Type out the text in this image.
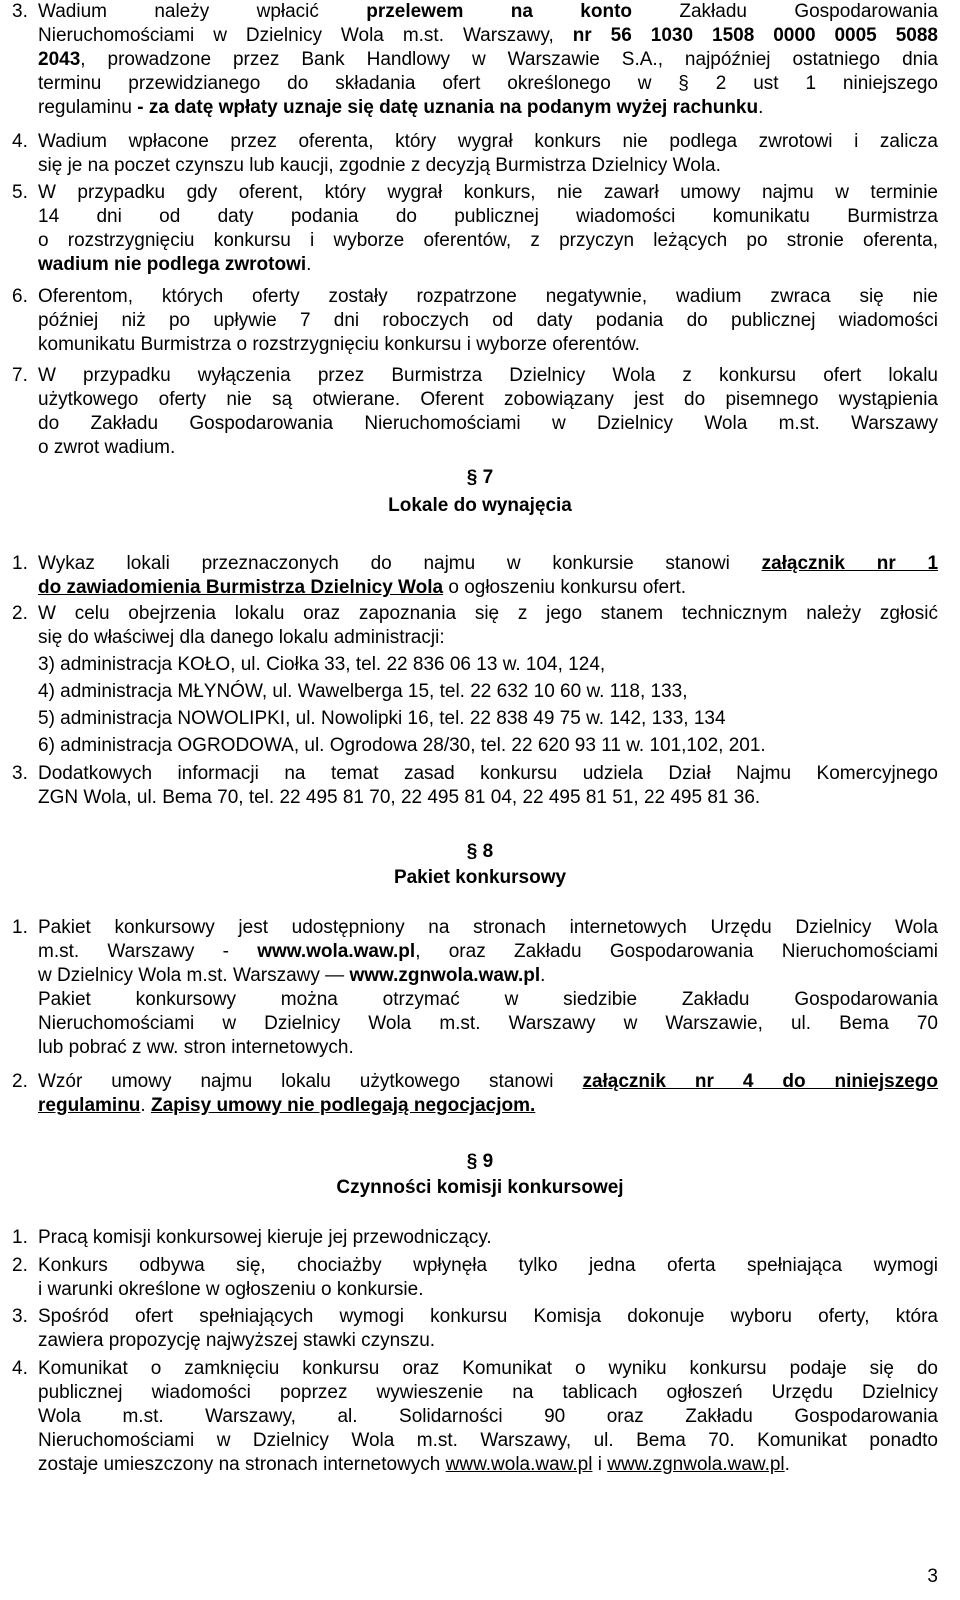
3. Wadium należy wpłacić przelewem na konto Zakładu Gospodarowania
Nieruchomościami w Dzielnicy Wola m.st. Warszawy, nr 56 1030 1508 0000 0005 5088
2043, prowadzone przez Bank Handlowy w Warszawie S.A., najpóźniej ostatniego dnia
terminu przewidzianego do składania ofert określonego w § 2 ust 1 niniejszego
regulaminu - za datę wpłaty uznaje się datę uznania na podanym wyżej rachunku.
4. Wadium wpłacone przez oferenta, który wygrał konkurs nie podlega zwrotowi i zalicza
się je na poczet czynszu lub kaucji, zgodnie z decyzją Burmistrza Dzielnicy Wola.
5. W przypadku gdy oferent, który wygrał konkurs, nie zawarł umowy najmu w terminie
14 dni od daty podania do publicznej wiadomości komunikatu Burmistrza
o rozstrzygnięciu konkursu i wyborze oferentów, z przyczyn leżących po stronie oferenta,
wadium nie podlega zwrotowi.
6. Oferentom, których oferty zostały rozpatrzone negatywnie, wadium zwraca się nie
później niż po upływie 7 dni roboczych od daty podania do publicznej wiadomości
komunikatu Burmistrza o rozstrzygnięciu konkursu i wyborze oferentów.
7. W przypadku wyłączenia przez Burmistrza Dzielnicy Wola z konkursu ofert lokalu
użytkowego oferty nie są otwierane. Oferent zobowiązany jest do pisemnego wystąpienia
do Zakładu Gospodarowania Nieruchomościami w Dzielnicy Wola m.st. Warszawy
o zwrot wadium.
§ 7
Lokale do wynajęcia
1. Wykaz lokali przeznaczonych do najmu w konkursie stanowi załącznik nr 1
do zawiadomienia Burmistrza Dzielnicy Wola o ogłoszeniu konkursu ofert.
2. W celu obejrzenia lokalu oraz zapoznania się z jego stanem technicznym należy zgłosić
się do właściwej dla danego lokalu administracji:
3) administracja KOŁO, ul. Ciołka 33, tel. 22 836 06 13 w. 104, 124,
4) administracja MŁYNÓW, ul. Wawelberga 15, tel. 22 632 10 60 w. 118, 133,
5) administracja NOWOLIPKI, ul. Nowolipki 16, tel. 22 838 49 75 w. 142, 133, 134
6) administracja OGRODOWA, ul. Ogrodowa 28/30, tel. 22 620 93 11 w. 101,102, 201.
3. Dodatkowych informacji na temat zasad konkursu udziela Dział Najmu Komercyjnego
ZGN Wola, ul. Bema 70, tel. 22 495 81 70, 22 495 81 04, 22 495 81 51, 22 495 81 36.
§ 8
Pakiet konkursowy
1. Pakiet konkursowy jest udostępniony na stronach internetowych Urzędu Dzielnicy Wola
m.st. Warszawy - www.wola.waw.pl, oraz Zakładu Gospodarowania Nieruchomościami
w Dzielnicy Wola m.st. Warszawy — www.zgnwola.waw.pl.
Pakiet konkursowy można otrzymać w siedzibie Zakładu Gospodarowania
Nieruchomościami w Dzielnicy Wola m.st. Warszawy w Warszawie, ul. Bema 70
lub pobrać z ww. stron internetowych.
2. Wzór umowy najmu lokalu użytkowego stanowi załącznik nr 4 do niniejszego
regulaminu. Zapisy umowy nie podlegają negocjacjom.
§ 9
Czynności komisji konkursowej
1. Pracą komisji konkursowej kieruje jej przewodniczący.
2. Konkurs odbywa się, chociażby wpłynęła tylko jedna oferta spełniająca wymogi
i warunki określone w ogłoszeniu o konkursie.
3. Spośród ofert spełniających wymogi konkursu Komisja dokonuje wyboru oferty, która
zawiera propozycję najwyższej stawki czynszu.
4. Komunikat o zamknięciu konkursu oraz Komunikat o wyniku konkursu podaje się do
publicznej wiadomości poprzez wywieszenie na tablicach ogłoszeń Urzędu Dzielnicy
Wola m.st. Warszawy, al. Solidarności 90 oraz Zakładu Gospodarowania
Nieruchomościami w Dzielnicy Wola m.st. Warszawy, ul. Bema 70. Komunikat ponadto
zostaje umieszczony na stronach internetowych www.wola.waw.pl i www.zgnwola.waw.pl.
3
